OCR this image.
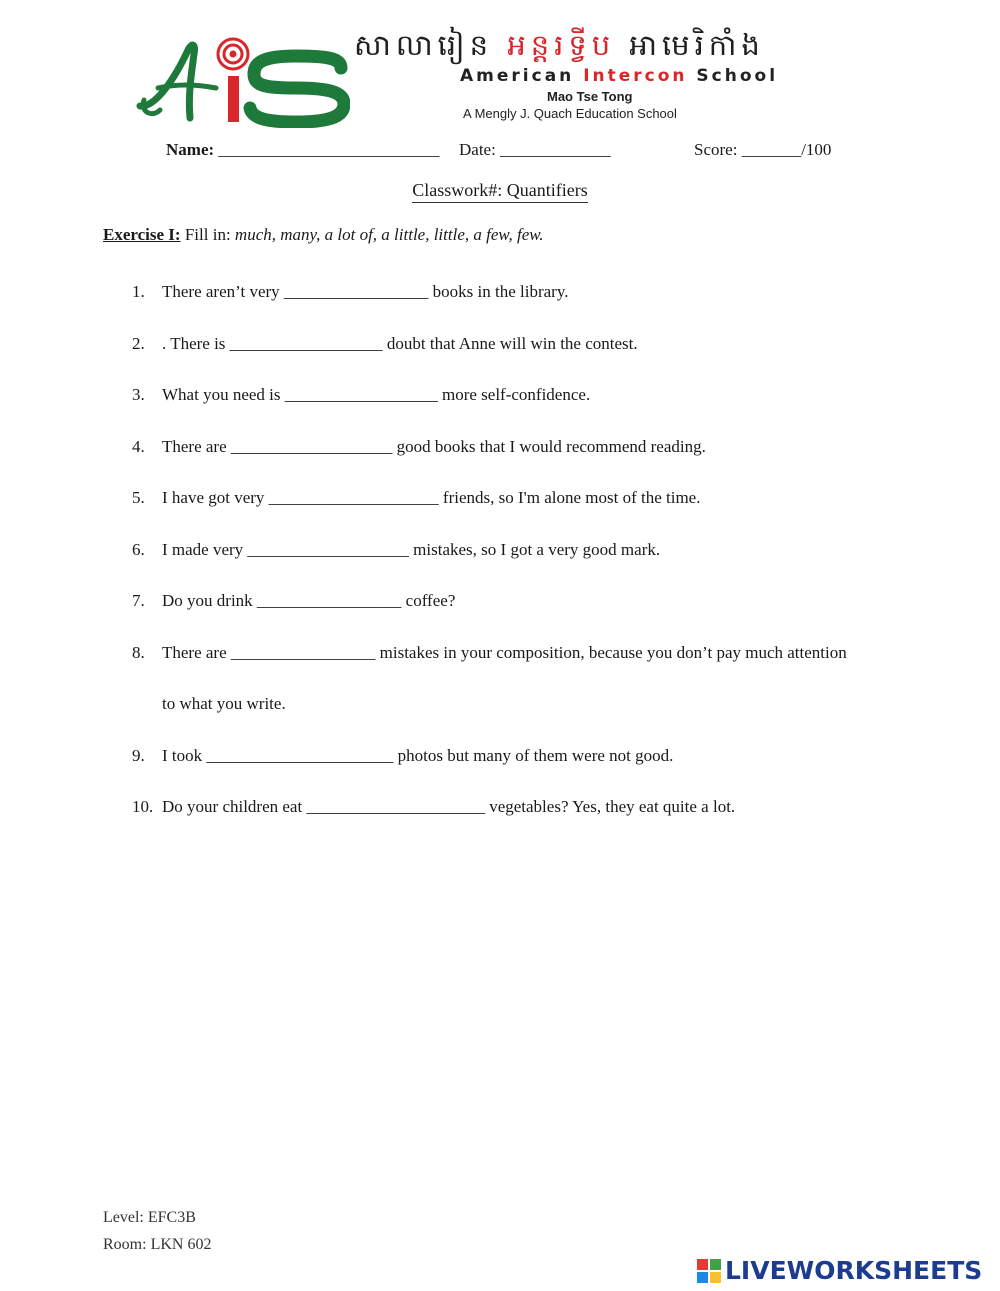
សាលារៀន អន្តរទ្វីប អាមេរិកាំង
American Intercon School
Mao Tse Tong
A Mengly J. Quach Education School
Name: __________________________ Date: _____________	Score: _______/100
Classwork#: Quantifiers
Exercise I: Fill in: much, many, a lot of, a little, little, a few, few.
1. There aren’t very _________________ books in the library.
2. . There is __________________ doubt that Anne will win the contest.
3. What you need is __________________ more self-confidence.
4. There are ___________________ good books that I would recommend reading.
5. I have got very ____________________ friends, so I'm alone most of the time.
6. I made very ___________________ mistakes, so I got a very good mark.
7. Do you drink _________________ coffee?
8. There are _________________ mistakes in your composition, because you don’t pay much attention
to what you write.
9. I took ______________________ photos but many of them were not good.
10. Do your children eat _____________________ vegetables? Yes, they eat quite a lot.
Level: EFC3B
Room: LKN 602
LIVEWORKSHEETS
